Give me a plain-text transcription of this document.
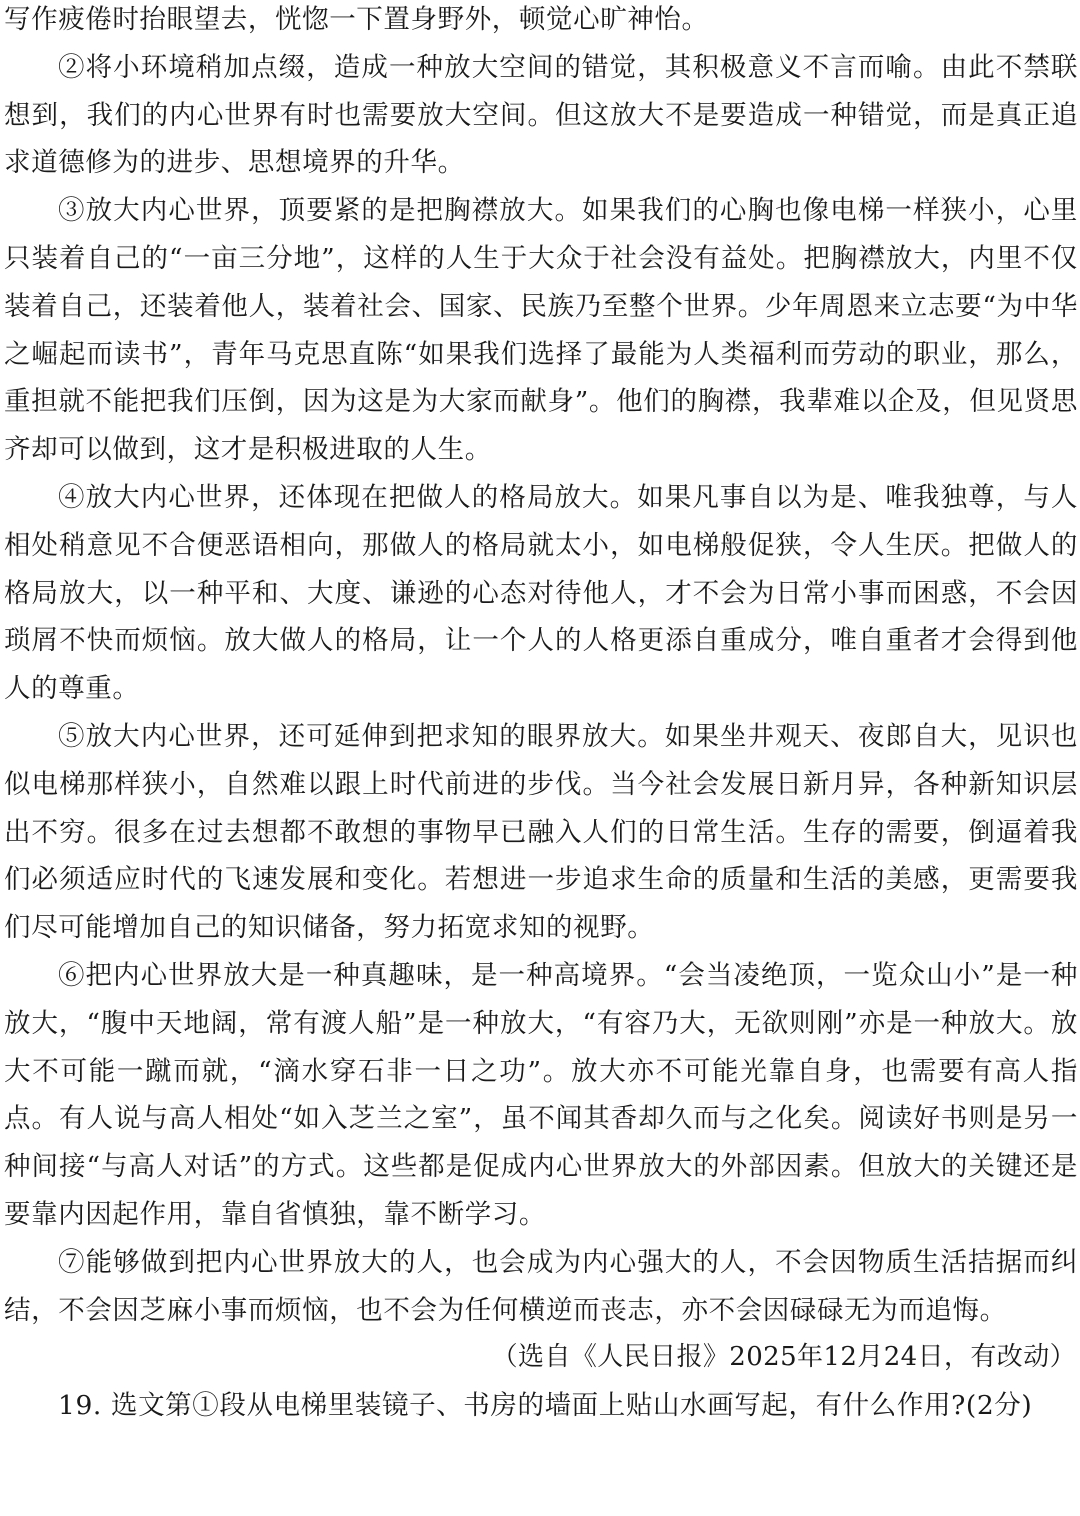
写作疲倦时抬眼望去，恍惚一下置身野外，顿觉心旷神怡。

②将小环境稍加点缀，造成一种放大空间的错觉，其积极意义不言而喻。由此不禁联想到，我们的内心世界有时也需要放大空间。但这放大不是要造成一种错觉，而是真正追求道德修为的进步、思想境界的升华。

③放大内心世界，顶要紧的是把胸襟放大。如果我们的心胸也像电梯一样狭小，心里只装着自己的“一亩三分地”，这样的人生于大众于社会没有益处。把胸襟放大，内里不仅装着自己，还装着他人，装着社会、国家、民族乃至整个世界。少年周恩来立志要“为中华之崛起而读书”，青年马克思直陈“如果我们选择了最能为人类福利而劳动的职业，那么，重担就不能把我们压倒，因为这是为大家而献身”。他们的胸襟，我辈难以企及，但见贤思齐却可以做到，这才是积极进取的人生。

④放大内心世界，还体现在把做人的格局放大。如果凡事自以为是、唯我独尊，与人相处稍意见不合便恶语相向，那做人的格局就太小，如电梯般促狭，令人生厌。把做人的格局放大，以一种平和、大度、谦逊的心态对待他人，才不会为日常小事而困惑，不会因琐屑不快而烦恼。放大做人的格局，让一个人的人格更添自重成分，唯自重者才会得到他人的尊重。

⑤放大内心世界，还可延伸到把求知的眼界放大。如果坐井观天、夜郎自大，见识也似电梯那样狭小，自然难以跟上时代前进的步伐。当今社会发展日新月异，各种新知识层出不穷。很多在过去想都不敢想的事物早已融入人们的日常生活。生存的需要，倒逼着我们必须适应时代的飞速发展和变化。若想进一步追求生命的质量和生活的美感，更需要我们尽可能增加自己的知识储备，努力拓宽求知的视野。

⑥把内心世界放大是一种真趣味，是一种高境界。“会当凌绝顶，一览众山小”是一种放大，“腹中天地阔，常有渡人船”是一种放大，“有容乃大，无欲则刚”亦是一种放大。放大不可能一蹴而就，“滴水穿石非一日之功”。放大亦不可能光靠自身，也需要有高人指点。有人说与高人相处“如入芝兰之室”，虽不闻其香却久而与之化矣。阅读好书则是另一种间接“与高人对话”的方式。这些都是促成内心世界放大的外部因素。但放大的关键还是要靠内因起作用，靠自省慎独，靠不断学习。

⑦能够做到把内心世界放大的人，也会成为内心强大的人，不会因物质生活拮据而纠结，不会因芝麻小事而烦恼，也不会为任何横逆而丧志，亦不会因碌碌无为而追悔。

（选自《人民日报》2025年12月24日，有改动）

19. 选文第①段从电梯里装镜子、书房的墙面上贴山水画写起，有什么作用?(2分)
